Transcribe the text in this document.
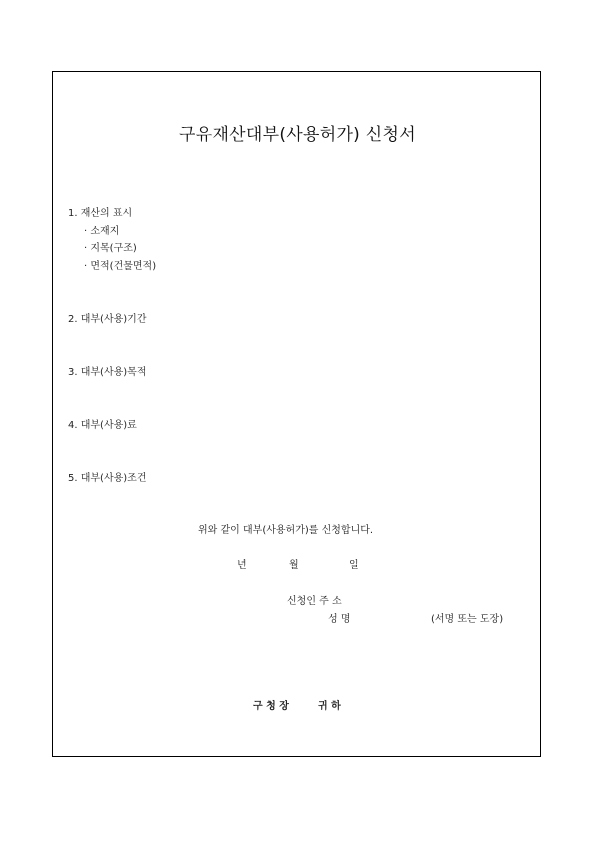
구유재산대부(사용허가) 신청서
1. 재산의 표시
· 소재지
· 지목(구조)
· 면적(건물면적)
2. 대부(사용)기간
3. 대부(사용)목적
4. 대부(사용)료
5. 대부(사용)조건
위와 같이 대부(사용허가)를 신청합니다.
년	월	일
신청인 주 소
성 명	(서명 또는 도장)
구 청 장	귀 하
